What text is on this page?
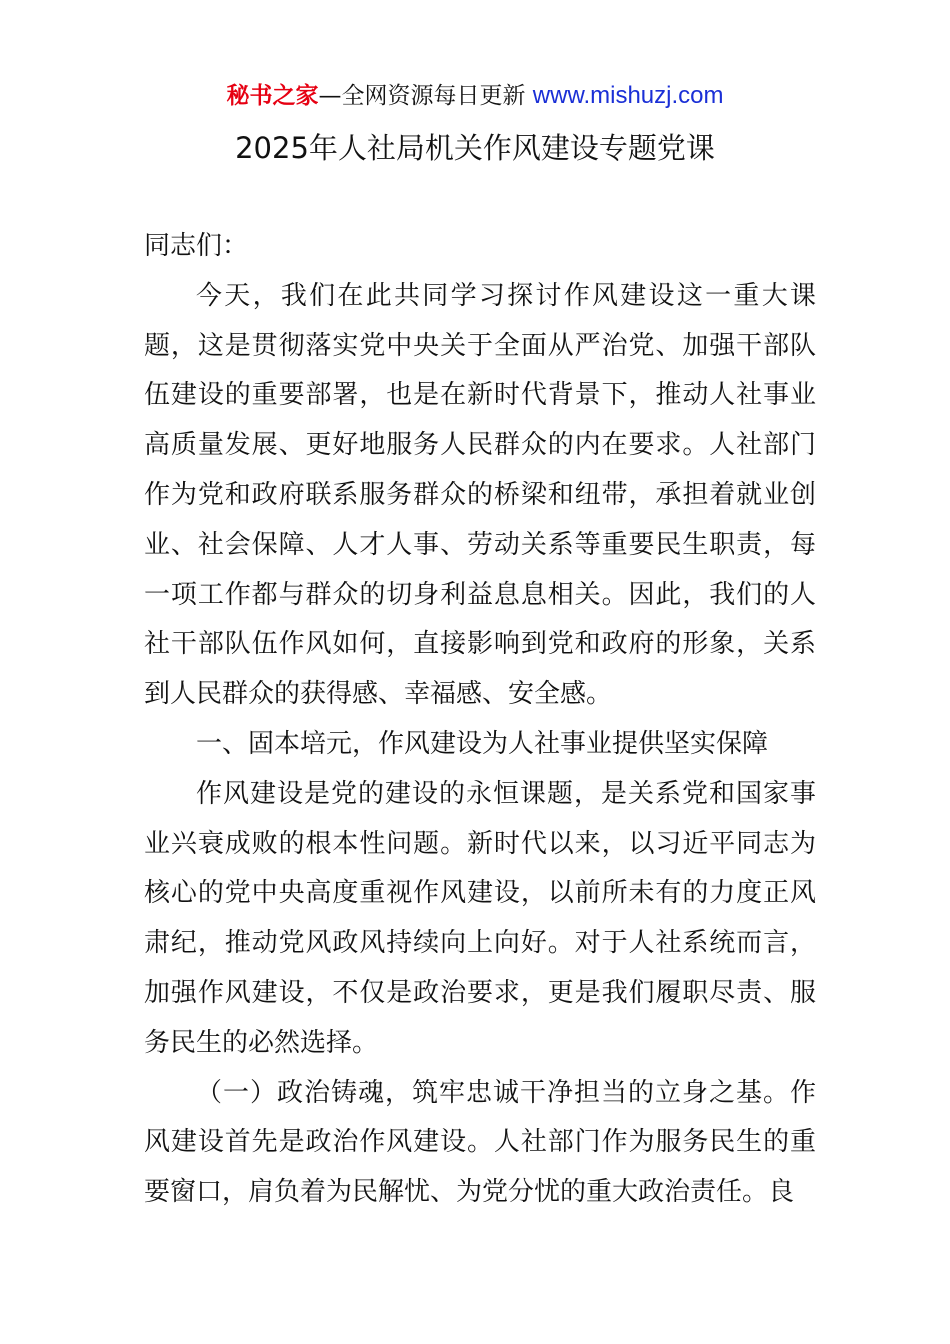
秘书之家—全网资源每日更新 www.mishuzj.com
2025年人社局机关作风建设专题党课

同志们：

今天，我们在此共同学习探讨作风建设这一重大课题，这是贯彻落实党中央关于全面从严治党、加强干部队伍建设的重要部署，也是在新时代背景下，推动人社事业高质量发展、更好地服务人民群众的内在要求。人社部门作为党和政府联系服务群众的桥梁和纽带，承担着就业创业、社会保障、人才人事、劳动关系等重要民生职责，每一项工作都与群众的切身利益息息相关。因此，我们的人社干部队伍作风如何，直接影响到党和政府的形象，关系到人民群众的获得感、幸福感、安全感。

一、固本培元，作风建设为人社事业提供坚实保障

作风建设是党的建设的永恒课题，是关系党和国家事业兴衰成败的根本性问题。新时代以来，以习近平同志为核心的党中央高度重视作风建设，以前所未有的力度正风肃纪，推动党风政风持续向上向好。对于人社系统而言，加强作风建设，不仅是政治要求，更是我们履职尽责、服务民生的必然选择。

（一）政治铸魂，筑牢忠诚干净担当的立身之基。作风建设首先是政治作风建设。人社部门作为服务民生的重要窗口，肩负着为民解忧、为党分忧的重大政治责任。良
